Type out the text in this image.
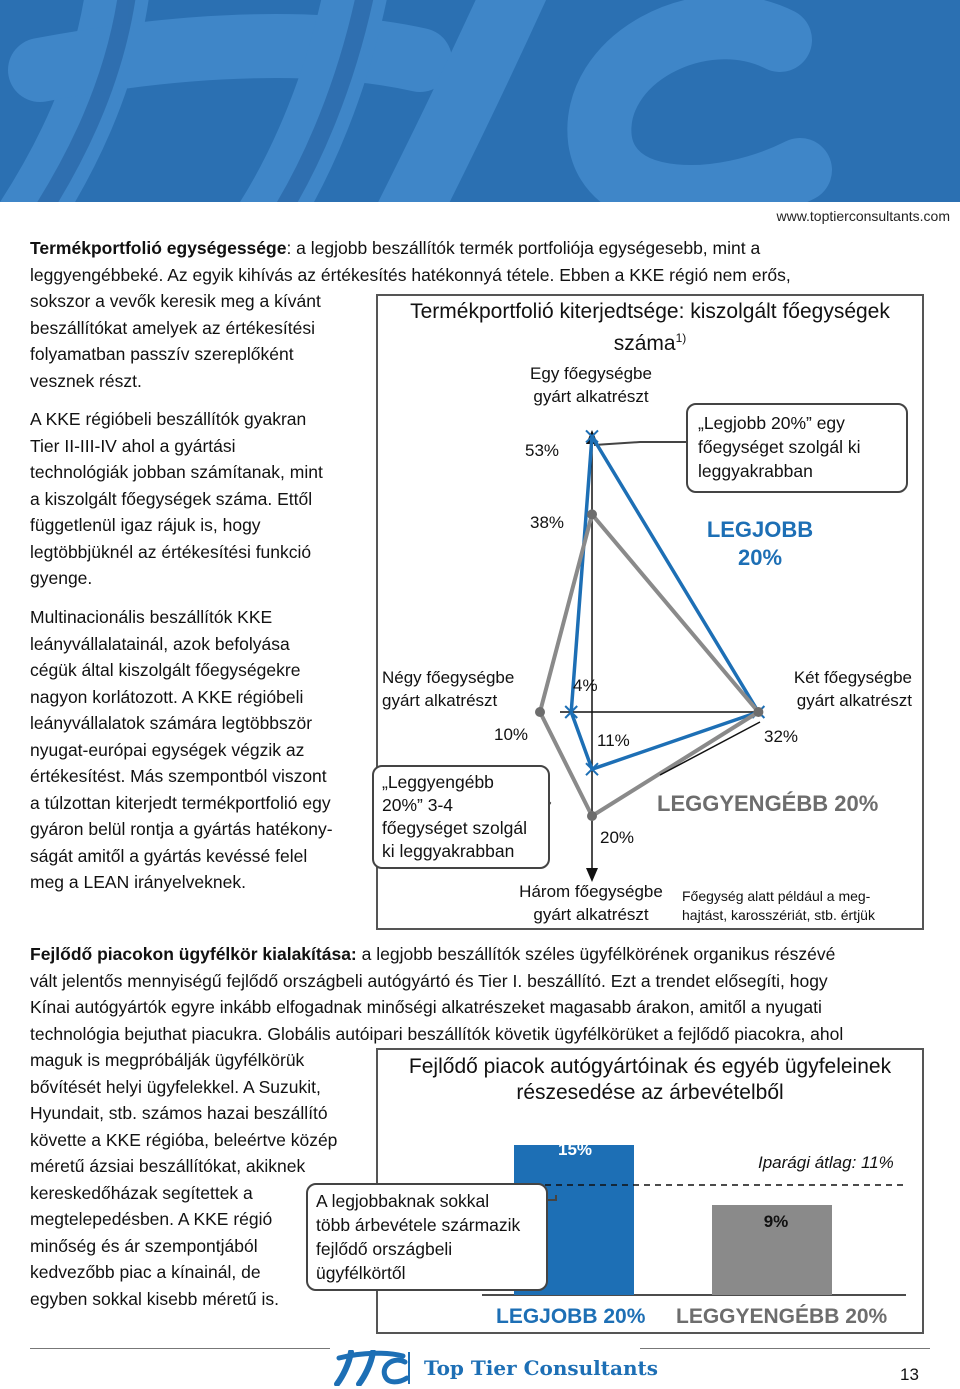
www.toptierconsultants.com
Termékportfolió egységessége: a legjobb beszállítók termék portfoliója egységesebb, mint a
leggyengébbeké. Az egyik kihívás az értékesítés hatékonnyá tétele. Ebben a KKE régió nem erős,
sokszor a vevők keresik meg a kívánt
beszállítókat amelyek az értékesítési
folyamatban passzív szereplőként
vesznek részt.
A KKE régióbeli beszállítók gyakran
Tier II-III-IV ahol a gyártási
technológiák jobban számítanak, mint
a kiszolgált főegységek száma. Ettől
függetlenül igaz rájuk is, hogy
legtöbbjüknél az értékesítési funkció
gyenge.
Multinacionális beszállítók KKE
leányvállalatainál, azok befolyása
cégük által kiszolgált főegységekre
nagyon korlátozott. A KKE régióbeli
leányvállalatok számára legtöbbször
nyugat-európai egységek végzik az
értékesítést. Más szempontból viszont
a túlzottan kiterjedt termékportfolió egy
gyáron belül rontja a gyártás hatékony-
ságát amitől a gyártás kevéssé felel
meg a LEAN irányelveknek.
Termékportfolió kiterjedtsége: kiszolgált főegységek
száma$^{1)}$
Egy főegységbe
gyárt alkatrészt
Négy főegységbe
gyárt alkatrészt
Két főegységbe
gyárt alkatrészt
Három főegységbe
gyárt alkatrészt
53%
38%
4%
10%	11%
20%
32%
„Legjobb 20%” egy
főegységet szolgál ki
leggyakrabban
LEGJOBB
20%
„Leggyengébb
20%” 3-4
főegységet szolgál
ki leggyakrabban
LEGGYENGÉBB 20%
Főegység alatt például a meg-
hajtást, karosszériát, stb. értjük
Fejlődő piacokon ügyfélkör kialakítása: a legjobb beszállítók széles ügyfélkörének organikus részévé
vált jelentős mennyiségű fejlődő országbeli autógyártó és Tier I. beszállító. Ezt a trendet elősegíti, hogy
Kínai autógyártók egyre inkább elfogadnak minőségi alkatrészeket magasabb árakon, amitől a nyugati
technológia bejuthat piacukra. Globális autóipari beszállítók követik ügyfélkörüket a fejlődő piacokra, ahol
maguk is megpróbálják ügyfélkörük
bővítését helyi ügyfelekkel. A Suzukit,
Hyundait, stb. számos hazai beszállító
követte a KKE régióba, beleértve közép
méretű ázsiai beszállítókat, akiknek
kereskedőházak segítettek a
megtelepedésben. A KKE régió
minőség és ár szempontjából
kedvezőbb piac a kínainál, de
egyben sokkal kisebb méretű is.
Fejlődő piacok autógyártóinak és egyéb ügyfeleinek
részesedése az árbevételből
Iparági átlag: 11%
15%
9%
LEGJOBB 20% LEGGYENGÉBB 20%
A legjobbaknak sokkal
több árbevétele származik
fejlődő országbeli
ügyfélkörtől
Top Tier Consultants	13
